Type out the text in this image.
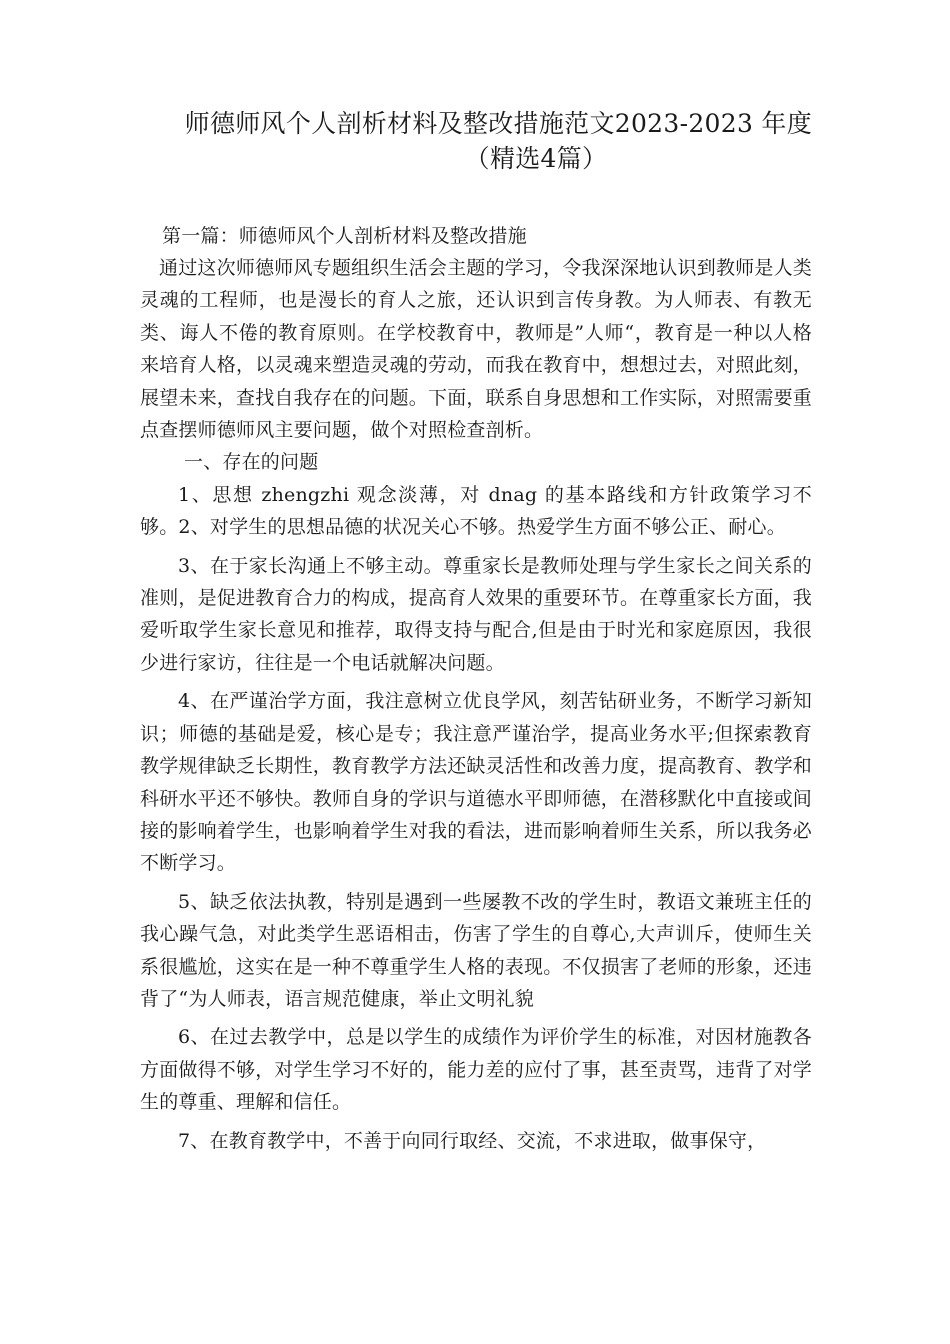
师德师风个人剖析材料及整改措施范文2023-2023 年度
（精选4篇）

第一篇：师德师风个人剖析材料及整改措施

通过这次师德师风专题组织生活会主题的学习，令我深深地认识到教师是人类灵魂的工程师，也是漫长的育人之旅，还认识到言传身教。为人师表、有教无类、诲人不倦的教育原则。在学校教育中，教师是”人师“，教育是一种以人格来培育人格，以灵魂来塑造灵魂的劳动，而我在教育中，想想过去，对照此刻，展望未来，查找自我存在的问题。下面，联系自身思想和工作实际，对照需要重点查摆师德师风主要问题，做个对照检查剖析。

一、存在的问题

1、思想 zhengzhi 观念淡薄，对 dnag 的基本路线和方针政策学习不够。2、对学生的思想品德的状况关心不够。热爱学生方面不够公正、耐心。

3、在于家长沟通上不够主动。尊重家长是教师处理与学生家长之间关系的准则，是促进教育合力的构成，提高育人效果的重要环节。在尊重家长方面，我爱听取学生家长意见和推荐，取得支持与配合,但是由于时光和家庭原因，我很少进行家访，往往是一个电话就解决问题。

4、在严谨治学方面，我注意树立优良学风，刻苦钻研业务，不断学习新知识；师德的基础是爱，核心是专；我注意严谨治学，提高业务水平;但探索教育教学规律缺乏长期性，教育教学方法还缺灵活性和改善力度，提高教育、教学和科研水平还不够快。教师自身的学识与道德水平即师德，在潜移默化中直接或间接的影响着学生，也影响着学生对我的看法，进而影响着师生关系，所以我务必不断学习。

5、缺乏依法执教，特别是遇到一些屡教不改的学生时，教语文兼班主任的我心躁气急，对此类学生恶语相击，伤害了学生的自尊心,大声训斥，使师生关系很尴尬，这实在是一种不尊重学生人格的表现。不仅损害了老师的形象，还违背了“为人师表，语言规范健康，举止文明礼貌

6、在过去教学中，总是以学生的成绩作为评价学生的标准，对因材施教各方面做得不够，对学生学习不好的，能力差的应付了事，甚至责骂，违背了对学生的尊重、理解和信任。

7、在教育教学中，不善于向同行取经、交流，不求进取，做事保守，
